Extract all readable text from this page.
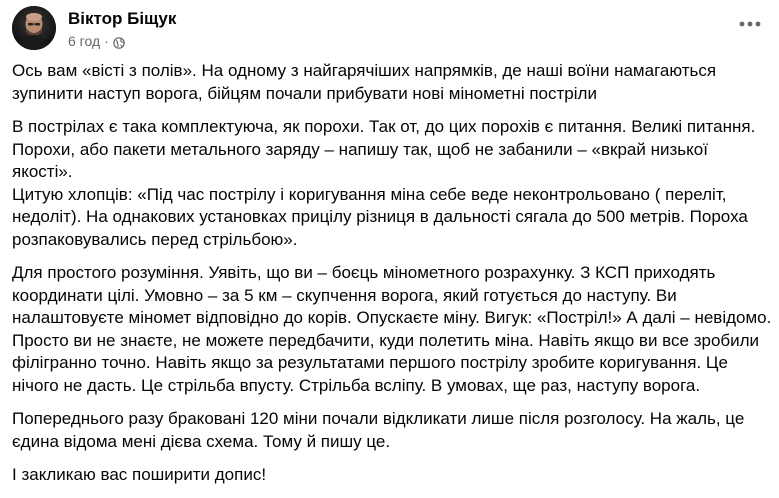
Віктор Біщук
6 год ·

Ось вам «вісті з полів». На одному з найгарячіших напрямків, де наші воїни намагаються зупинити наступ ворога, бійцям почали прибувати нові мінометні постріли

В пострілах є така комплектуюча, як порохи. Так от, до цих порохів є питання. Великі питання. Порохи, або пакети метального заряду – напишу так, щоб не забанили – «вкрай низької якості».
Цитую хлопців: «Під час пострілу і коригування міна себе веде неконтрольовано ( переліт, недоліт). На однакових установках прицілу різниця в дальності сягала до 500 метрів. Пороха розпаковувались перед стрільбою».

Для простого розуміння. Уявіть, що ви – боєць мінометного розрахунку. З КСП приходять координати цілі. Умовно – за 5 км – скупчення ворога, який готується до наступу. Ви налаштовуєте міномет відповідно до корів. Опускаєте міну. Вигук: «Постріл!» А далі – невідомо. Просто ви не знаєте, не можете передбачити, куди полетить міна. Навіть якщо ви все зробили філігранно точно. Навіть якщо за результатами першого пострілу зробите коригування. Це нічого не дасть. Це стрільба впусту. Стрільба всліпу. В умовах, ще раз, наступу ворога.

Попереднього разу браковані 120 міни почали відкликати лише після розголосу. На жаль, це єдина відома мені дієва схема. Тому й пишу це.

І закликаю вас поширити допис!
